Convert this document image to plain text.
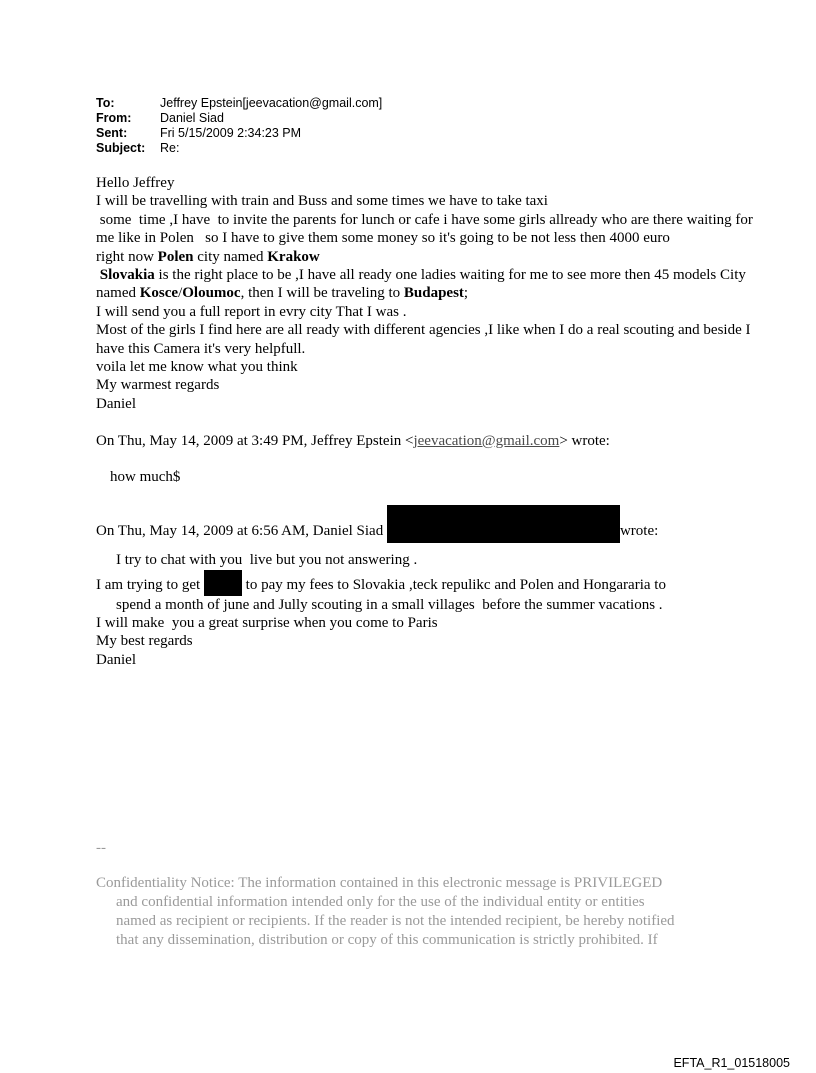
To:	Jeffrey Epstein[jeevacation@gmail.com]
From:	Daniel Siad
Sent:	Fri 5/15/2009 2:34:23 PM
Subject:	Re:

Hello Jeffrey

I will be travelling with train and Buss and some times we have to take taxi

some  time ,I have  to invite the parents for lunch or cafe i have some girls allready who are there waiting for me like in Polen   so I have to give them some money so it's going to be not less then 4000 euro

right now Polen city named Krakow

Slovakia is the right place to be ,I have all ready one ladies waiting for me to see more then 45 models City named Kosce/Oloumoc, then I will be traveling to Budapest;

I will send you a full report in evry city That I was .

Most of the girls I find here are all ready with different agencies ,I like when I do a real scouting and beside I have this Camera it's very helpfull.

voila let me know what you think

My warmest regards

Daniel

On Thu, May 14, 2009 at 3:49 PM, Jeffrey Epstein <jeevacation@gmail.com> wrote:

how much$

On Thu, May 14, 2009 at 6:56 AM, Daniel Siad	wrote:

I try to chat with you  live but you not answering .

I am trying to get	to pay my fees to Slovakia ,teck repulikc and Polen and Hongararia to

spend a month of june and Jully scouting in a small villages  before the summer vacations .

I will make  you a great surprise when you come to Paris

My best regards

Daniel

--

Confidentiality Notice: The information contained in this electronic message is PRIVILEGED

and confidential information intended only for the use of the individual entity or entities

named as recipient or recipients. If the reader is not the intended recipient, be hereby notified

that any dissemination, distribution or copy of this communication is strictly prohibited. If

EFTA_R1_01518005
